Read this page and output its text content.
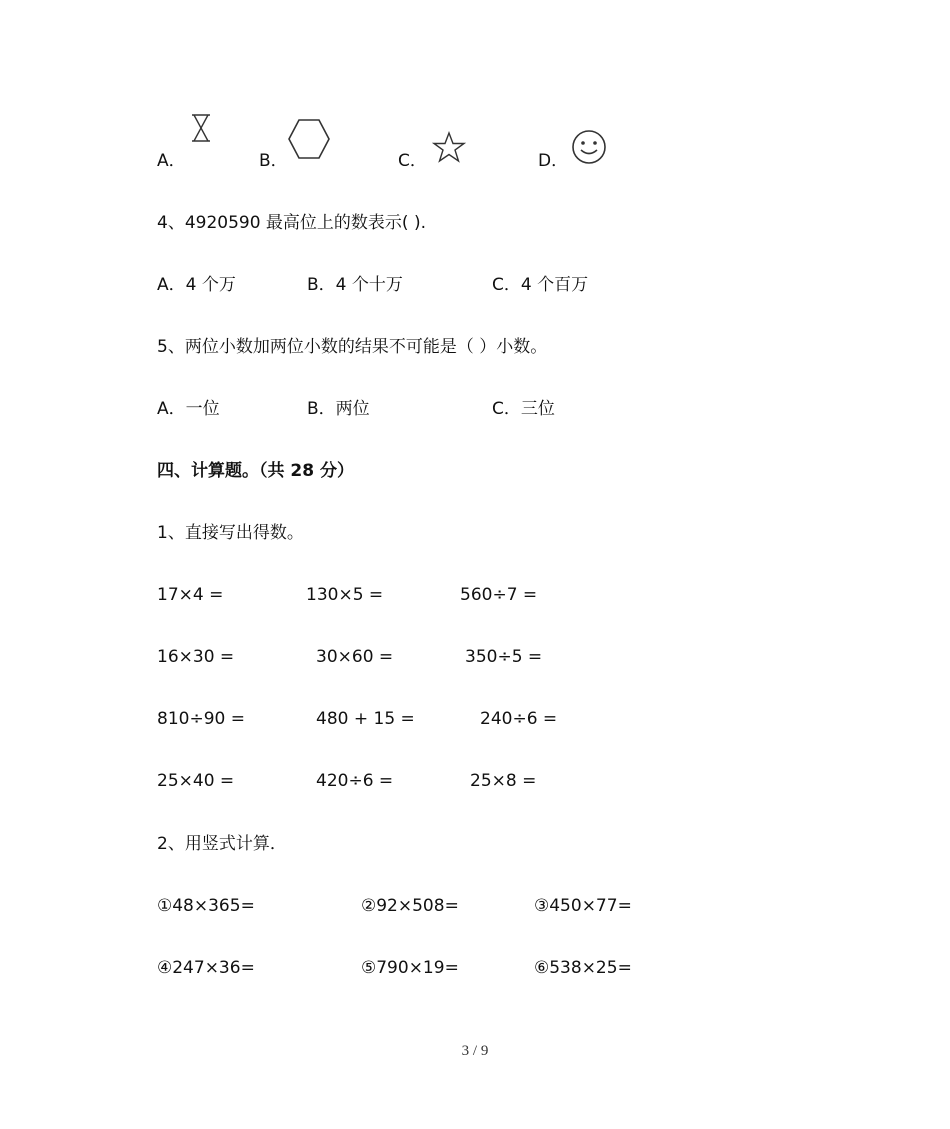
A．	B．	C．	D．
4、4920590 最高位上的数表示( ).
A．4 个万	B．4 个十万	C．4 个百万
5、两位小数加两位小数的结果不可能是（ ）小数。
A．一位	B．两位	C．三位
四、计算题。（共 28 分）
1、直接写出得数。
17×4 =	130×5 =	560÷7 =
16×30 =	30×60 =	350÷5 =
810÷90 =	480 + 15 =	240÷6 =
25×40 =	420÷6 =	25×8 =
2、用竖式计算．
①48×365=	②92×508=	③450×77=
④247×36=	⑤790×19=	⑥538×25=
3 / 9
